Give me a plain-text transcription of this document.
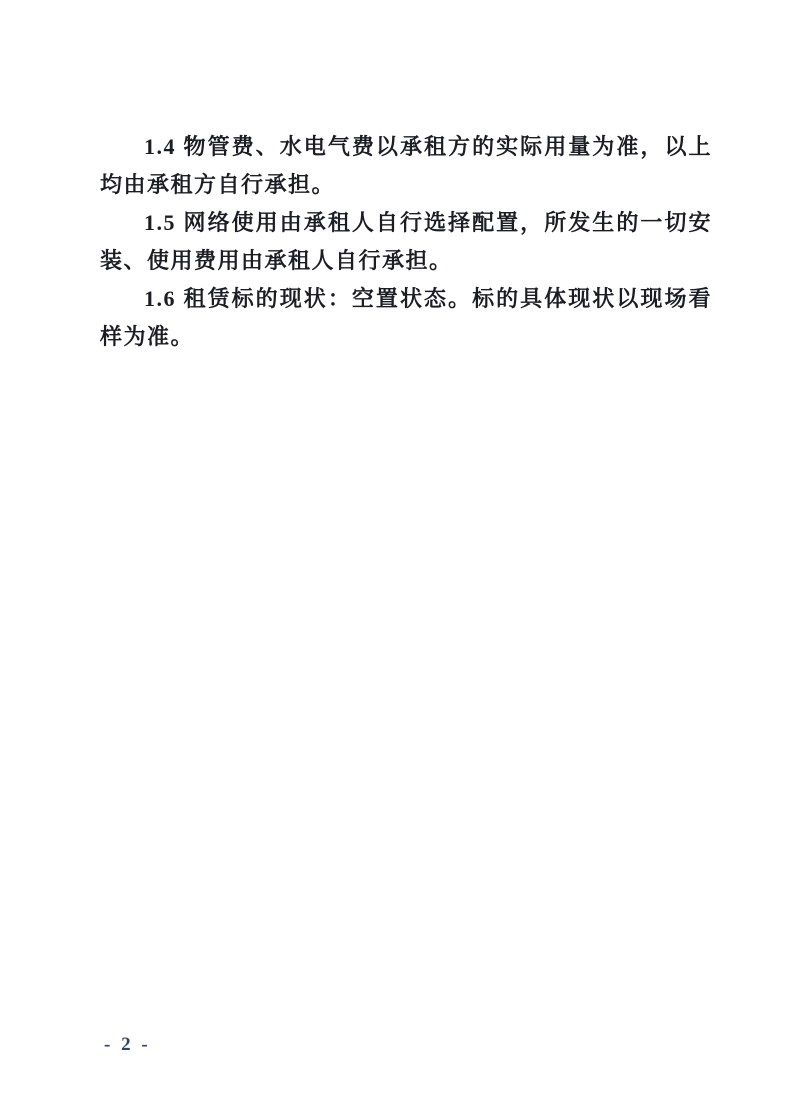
1.4 物管费、水电气费以承租方的实际用量为准，以上均由承租方自行承担。

1.5 网络使用由承租人自行选择配置，所发生的一切安装、使用费用由承租人自行承担。

1.6 租赁标的现状：空置状态。标的具体现状以现场看样为准。

- 2 -
